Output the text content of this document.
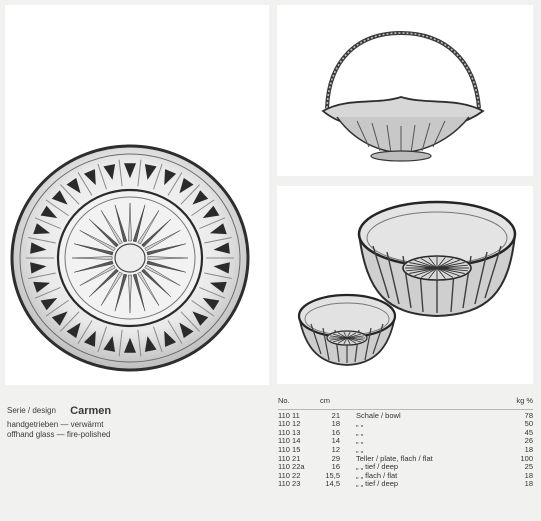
Serie / design Carmen
handgetrieben — verwärmt
offhand glass — fire-polished
No.	cm		kg %
110 11	21	Schale / bowl	78
110 12	18	„ „	50
110 13	16	„ „	45
110 14	14	„ „	26
110 15	12	„ „	18
110 21	29	Teller / plate, flach / flat	100
110 22a	16	„ „ tief / deep	25
110 22	15,5	„ „ flach / flat	18
110 23	14,5	„ „ tief / deep	18
